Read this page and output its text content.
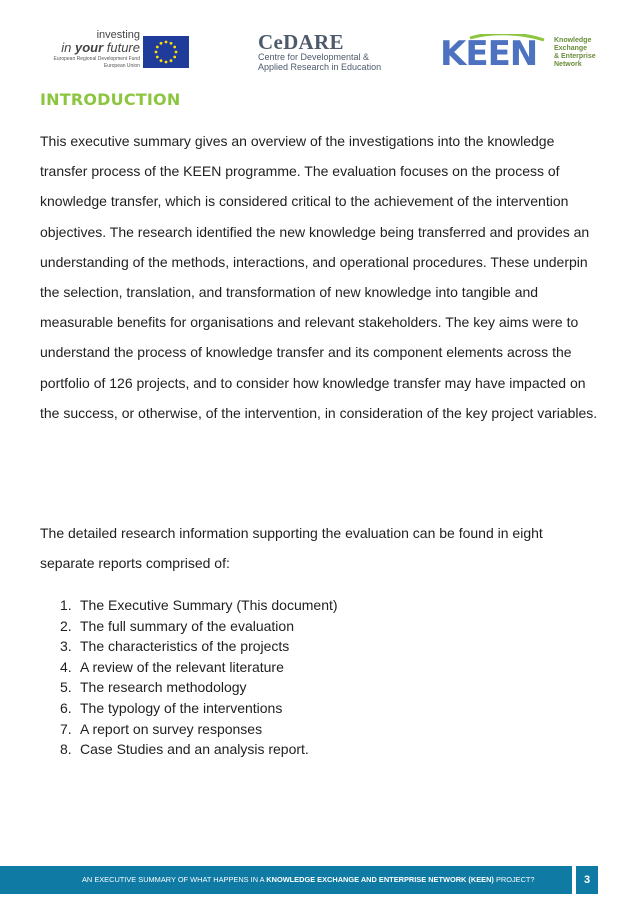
investing
in your future
European Regional Development Fund
European Union
CeDARE
Centre for Developmental &
Applied Research in Education	KEEN Knowledge
Exchange
& Enterprise
Network
INTRODUCTION

This executive summary gives an overview of the investigations into the knowledge transfer process of the KEEN programme. The evaluation focuses on the process of knowledge transfer, which is considered critical to the achievement of the intervention objectives. The research identified the new knowledge being transferred and provides an understanding of the methods, interactions, and operational procedures. These underpin the selection, translation, and transformation of new knowledge into tangible and measurable benefits for organisations and relevant stakeholders. The key aims were to understand the process of knowledge transfer and its component elements across the portfolio of 126 projects, and to consider how knowledge transfer may have impacted on the success, or otherwise, of the intervention, in consideration of the key project variables.

The detailed research information supporting the evaluation can be found in eight separate reports comprised of:

1. The Executive Summary (This document)
2. The full summary of the evaluation
3. The characteristics of the projects
4. A review of the relevant literature
5. The research methodology
6. The typology of the interventions
7. A report on survey responses
8. Case Studies and an analysis report.
AN EXECUTIVE SUMMARY OF WHAT HAPPENS IN A KNOWLEDGE EXCHANGE AND ENTERPRISE NETWORK (KEEN) PROJECT?	3
